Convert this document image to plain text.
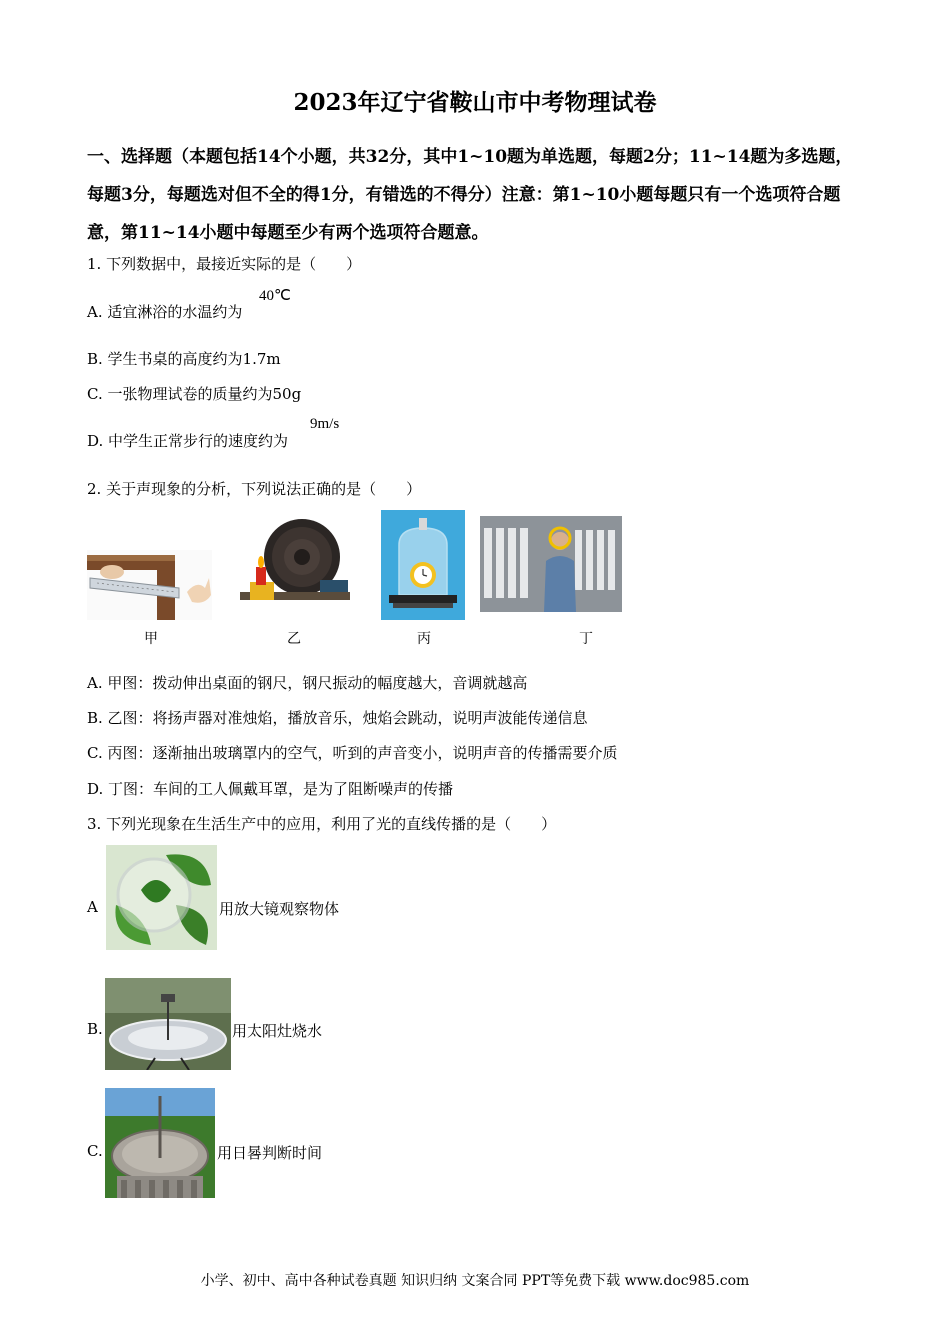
2023年辽宁省鞍山市中考物理试卷
一、选择题（本题包括14个小题，共32分，其中1~10题为单选题，每题2分；11~14题为多选题，每题3分，每题选对但不全的得1分，有错选的不得分）注意：第1~10小题每题只有一个选项符合题意，第11~14小题中每题至少有两个选项符合题意。
1. 下列数据中，最接近实际的是（　　）
A. 适宜淋浴的水温约为
40℃
B. 学生书桌的高度约为1.7m
C. 一张物理试卷的质量约为50g
D. 中学生正常步行的速度约为
9m/s
2. 关于声现象的分析，下列说法正确的是（　　）
甲	乙	丙	丁
A. 甲图：拨动伸出桌面的钢尺，钢尺振动的幅度越大，音调就越高
B. 乙图：将扬声器对准烛焰，播放音乐，烛焰会跳动，说明声波能传递信息
C. 丙图：逐渐抽出玻璃罩内的空气，听到的声音变小，说明声音的传播需要介质
D. 丁图：车间的工人佩戴耳罩，是为了阻断噪声的传播
3. 下列光现象在生活生产中的应用，利用了光的直线传播的是（　　）
A	用放大镜观察物体
B.	用太阳灶烧水
C.	用日晷判断时间
小学、初中、高中各种试卷真题 知识归纳 文案合同 PPT等免费下载 www.doc985.com
